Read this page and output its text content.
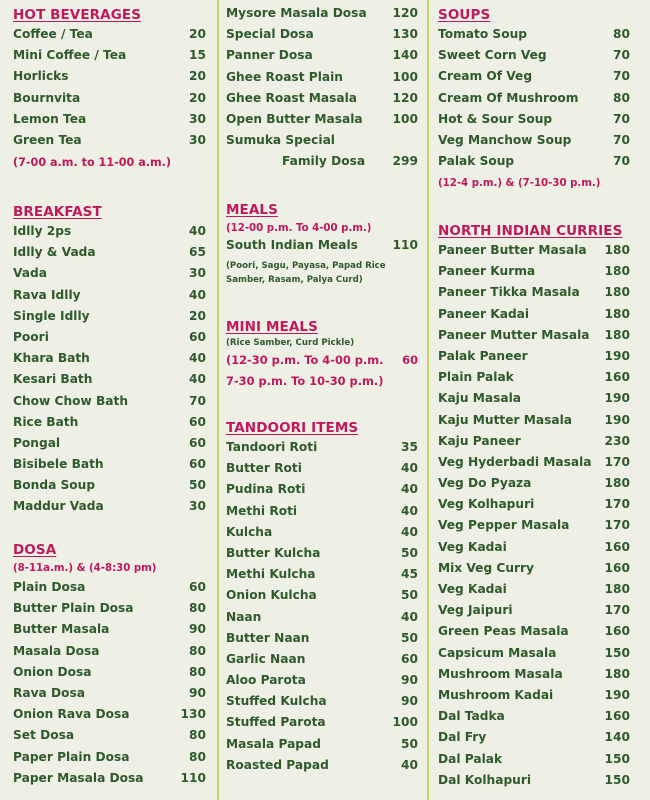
HOT BEVERAGES
Coffee / Tea	20
Mini Coffee / Tea	15
Horlicks	20
Bournvita	20
Lemon Tea	30
Green Tea	30
(7-00 a.m. to 11-00 a.m.)
BREAKFAST
Idlly 2ps	40
Idlly & Vada	65
Vada	30
Rava Idlly	40
Single Idlly	20
Poori	60
Khara Bath	40
Kesari Bath	40
Chow Chow Bath	70
Rice Bath	60
Pongal	60
Bisibele Bath	60
Bonda Soup	50
Maddur Vada	30
DOSA
(8-11a.m.) & (4-8:30 pm)
Plain Dosa	60
Butter Plain Dosa	80
Butter Masala	90
Masala Dosa	80
Onion Dosa	80
Rava Dosa	90
Onion Rava Dosa	130
Set Dosa	80
Paper Plain Dosa	80
Paper Masala Dosa	110
Mysore Masala Dosa 120
Special Dosa	130
Panner Dosa	140
Ghee Roast Plain	100
Ghee Roast Masala	120
Open Butter Masala 100
Sumuka Special
Family Dosa 299
MEALS
(12-00 p.m. To 4-00 p.m.)
South Indian Meals	110
(Poori, Sagu, Payasa, Papad Rice
Samber, Rasam, Palya Curd)
MINI MEALS
(Rice Samber, Curd Pickle)
(12-30 p.m. To 4-00 p.m. 60
7-30 p.m. To 10-30 p.m.)
TANDOORI ITEMS
Tandoori Roti	35
Butter Roti	40
Pudina Roti	40
Methi Roti	40
Kulcha	40
Butter Kulcha	50
Methi Kulcha	45
Onion Kulcha	50
Naan	40
Butter Naan	50
Garlic Naan	60
Aloo Parota	90
Stuffed Kulcha	90
Stuffed Parota	100
Masala Papad	50
Roasted Papad	40
SOUPS
Tomato Soup	80
Sweet Corn Veg	70
Cream Of Veg	70
Cream Of Mushroom	80
Hot & Sour Soup	70
Veg Manchow Soup	70
Palak Soup	70
(12-4 p.m.) & (7-10-30 p.m.)
NORTH INDIAN CURRIES
Paneer Butter Masala 180
Paneer Kurma	180
Paneer Tikka Masala 180
Paneer Kadai	180
Paneer Mutter Masala 180
Palak Paneer	190
Plain Palak	160
Kaju Masala	190
Kaju Mutter Masala	190
Kaju Paneer	230
Veg Hyderbadi Masala 170
Veg Do Pyaza	180
Veg Kolhapuri	170
Veg Pepper Masala	170
Veg Kadai	160
Mix Veg Curry	160
Veg Kadai	180
Veg Jaipuri	170
Green Peas Masala	160
Capsicum Masala	150
Mushroom Masala	180
Mushroom Kadai	190
Dal Tadka	160
Dal Fry	140
Dal Palak	150
Dal Kolhapuri	150
